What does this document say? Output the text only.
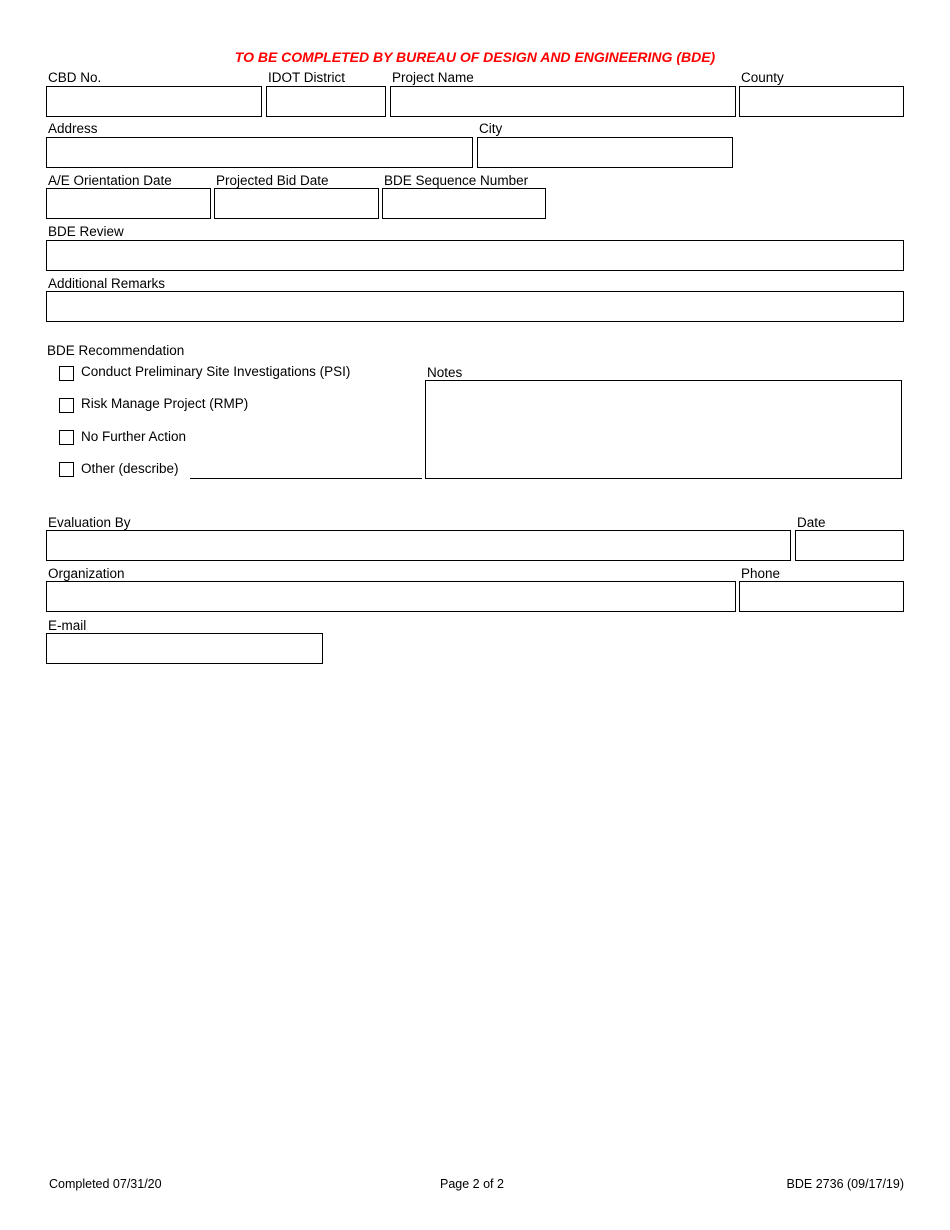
TO BE COMPLETED BY BUREAU OF DESIGN AND ENGINEERING (BDE)
CBD No.	IDOT District	Project Name	County
Address	City
A/E Orientation Date	Projected Bid Date	BDE Sequence Number
BDE Review
Additional Remarks
BDE Recommendation
Conduct Preliminary Site Investigations (PSI)
Risk Manage Project (RMP)
No Further Action
Other (describe)
Notes
Evaluation By	Date
Organization	Phone
E-mail
Completed 07/31/20	Page 2 of 2	BDE 2736 (09/17/19)
